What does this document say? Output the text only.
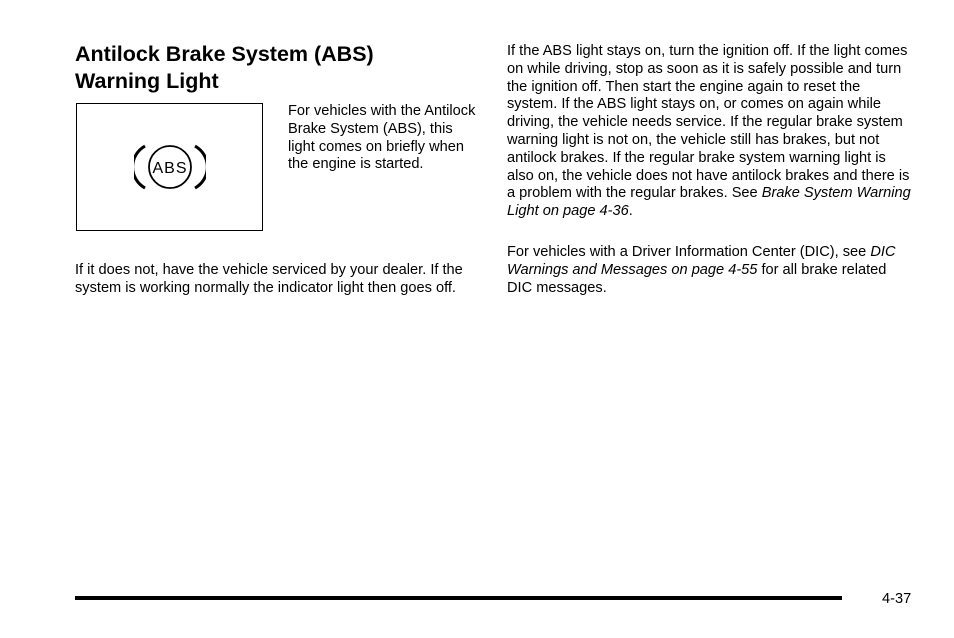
Antilock Brake System (ABS)
Warning Light
ABS

For vehicles with the Antilock Brake System (ABS), this light comes on briefly when the engine is started.

If it does not, have the vehicle serviced by your dealer. If the system is working normally the indicator light then goes off.

If the ABS light stays on, turn the ignition off. If the light comes on while driving, stop as soon as it is safely possible and turn the ignition off. Then start the engine again to reset the system. If the ABS light stays on, or comes on again while driving, the vehicle needs service. If the regular brake system warning light is not on, the vehicle still has brakes, but not antilock brakes. If the regular brake system warning light is also on, the vehicle does not have antilock brakes and there is a problem with the regular brakes. See Brake System Warning Light on page 4-36.

For vehicles with a Driver Information Center (DIC), see DIC Warnings and Messages on page 4-55 for all brake related DIC messages.

4-37
